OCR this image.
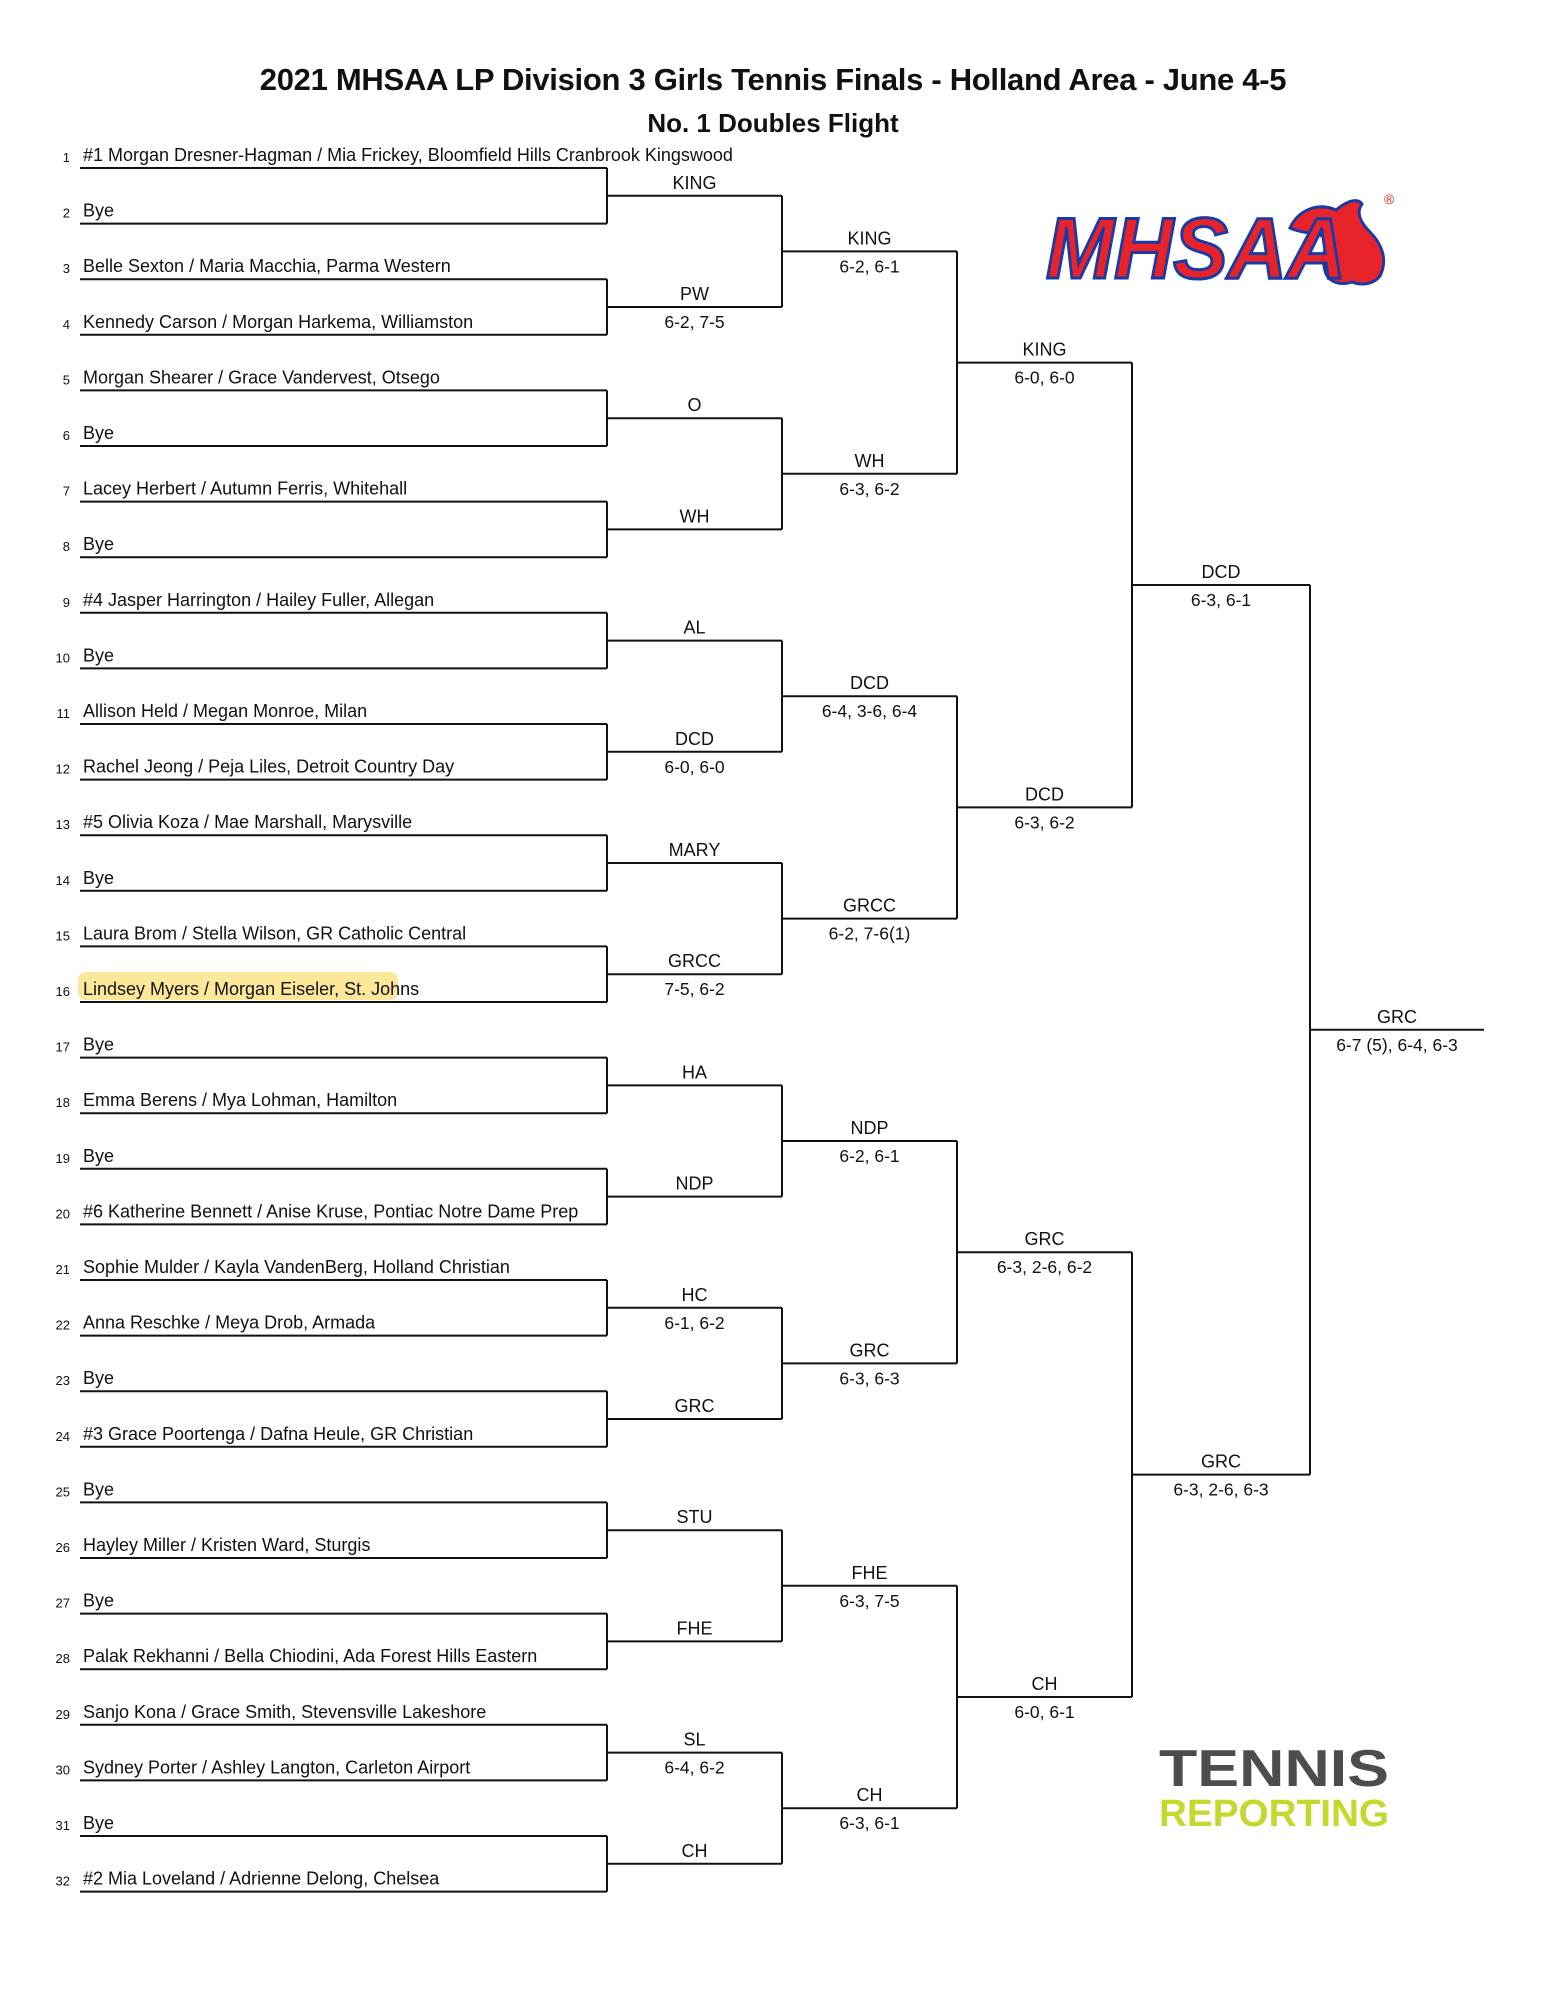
2021 MHSAA LP Division 3 Girls Tennis Finals - Holland Area - June 4-5
No. 1 Doubles Flight
1 #1 Morgan Dresner-Hagman / Mia Frickey, Bloomfield Hills Cranbrook Kingswood
2 Bye
3 Belle Sexton / Maria Macchia, Parma Western
4 Kennedy Carson / Morgan Harkema, Williamston
5 Morgan Shearer / Grace Vandervest, Otsego
6 Bye
7 Lacey Herbert / Autumn Ferris, Whitehall
8 Bye
9 #4 Jasper Harrington / Hailey Fuller, Allegan
10 Bye
11 Allison Held / Megan Monroe, Milan
12 Rachel Jeong / Peja Liles, Detroit Country Day
13 #5 Olivia Koza / Mae Marshall, Marysville
14 Bye
15 Laura Brom / Stella Wilson, GR Catholic Central
16 Lindsey Myers / Morgan Eiseler, St. Johns
17 Bye
18 Emma Berens / Mya Lohman, Hamilton
19 Bye
20 #6 Katherine Bennett / Anise Kruse, Pontiac Notre Dame Prep
21 Sophie Mulder / Kayla VandenBerg, Holland Christian
22 Anna Reschke / Meya Drob, Armada
23 Bye
24 #3 Grace Poortenga / Dafna Heule, GR Christian
25 Bye
26 Hayley Miller / Kristen Ward, Sturgis
27 Bye
28 Palak Rekhanni / Bella Chiodini, Ada Forest Hills Eastern
29 Sanjo Kona / Grace Smith, Stevensville Lakeshore
30 Sydney Porter / Ashley Langton, Carleton Airport
31 Bye
32 #2 Mia Loveland / Adrienne Delong, Chelsea
KING
PW
6-2, 7-5
O
WH
AL
DCD
6-0, 6-0
MARY
GRCC
7-5, 6-2
HA
NDP
HC
6-1, 6-2
GRC
STU
FHE
SL
6-4, 6-2
CH
KING
6-2, 6-1
WH
6-3, 6-2
DCD
6-4, 3-6, 6-4
GRCC
6-2, 7-6(1)
NDP
6-2, 6-1
GRC
6-3, 6-3
FHE
6-3, 7-5
CH
6-3, 6-1
KING
6-0, 6-0
DCD
6-3, 6-2
GRC
6-3, 2-6, 6-2
CH
6-0, 6-1
DCD
6-3, 6-1
GRC
6-3, 2-6, 6-3
GRC
6-7 (5), 6-4, 6-3
MHSAA
®
TENNIS
REPORTING
